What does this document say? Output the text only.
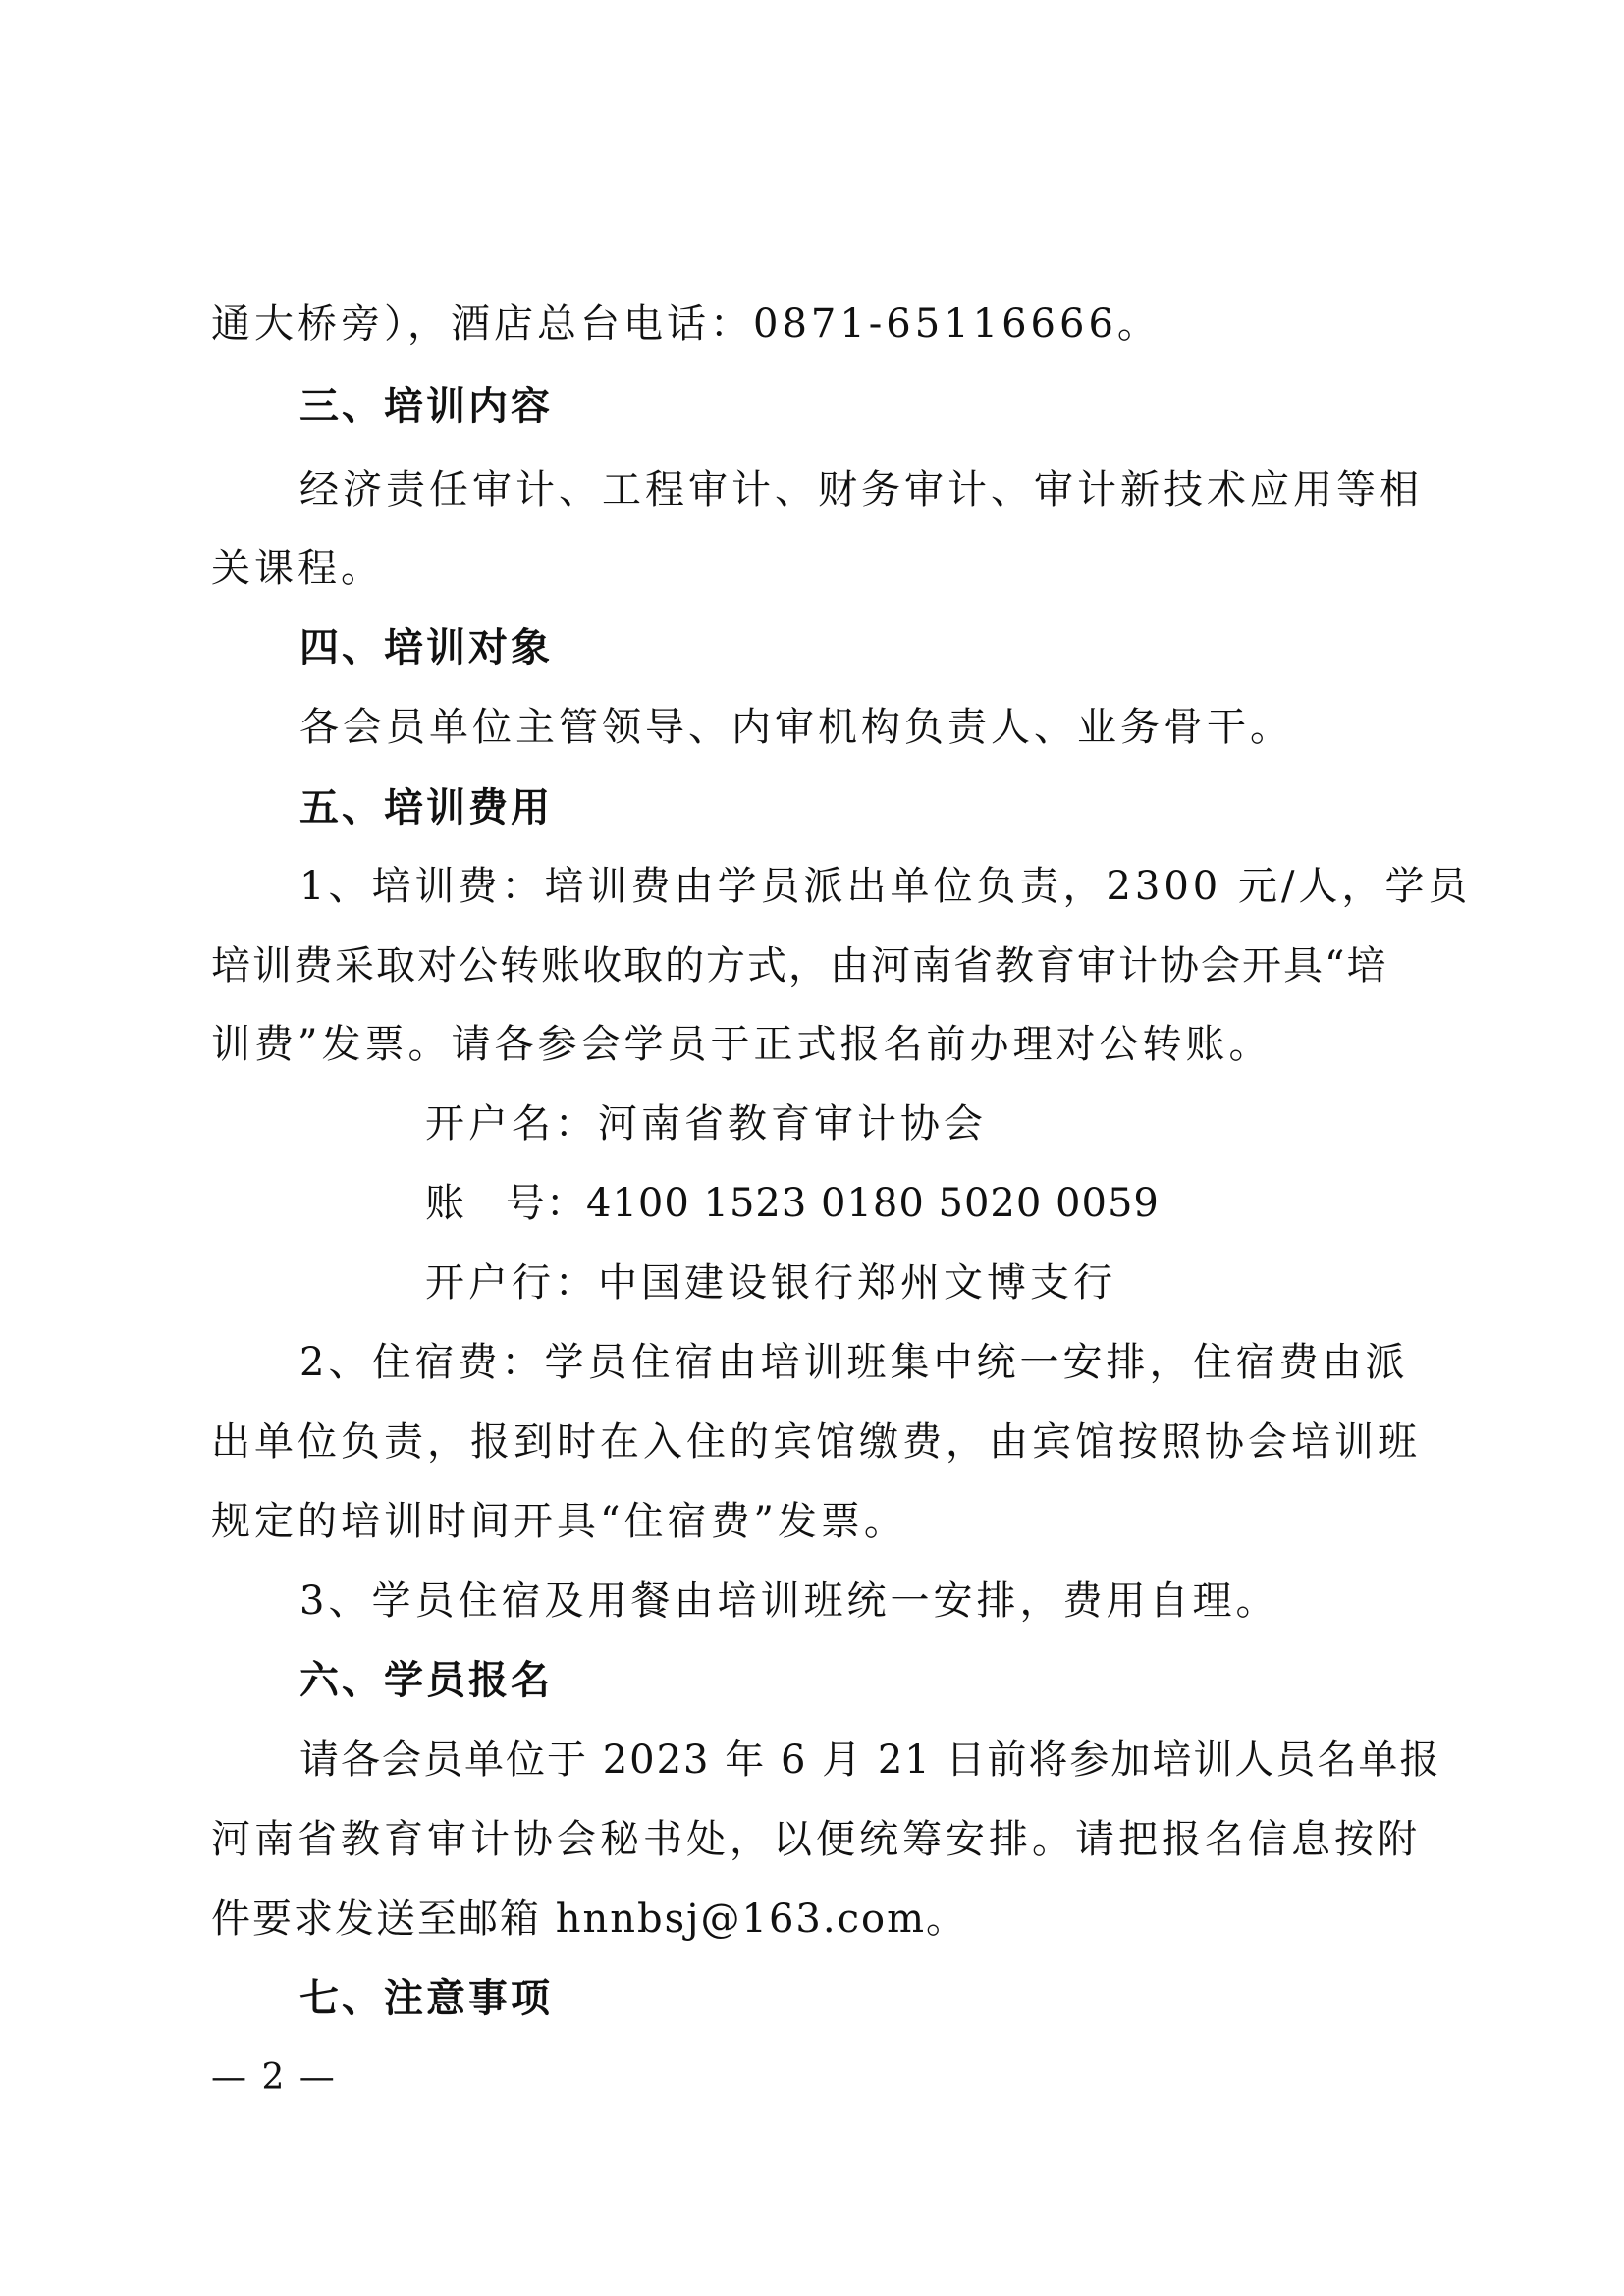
通大桥旁），酒店总台电话：0871-65116666。

三、培训内容

经济责任审计、工程审计、财务审计、审计新技术应用等相

关课程。

四、培训对象

各会员单位主管领导、内审机构负责人、业务骨干。

五、培训费用

1、培训费：培训费由学员派出单位负责，2300 元/人，学员

培训费采取对公转账收取的方式，由河南省教育审计协会开具“培

训费”发票。请各参会学员于正式报名前办理对公转账。

开户名：河南省教育审计协会

账　号：4100 1523 0180 5020 0059

开户行：中国建设银行郑州文博支行

2、住宿费：学员住宿由培训班集中统一安排，住宿费由派

出单位负责，报到时在入住的宾馆缴费，由宾馆按照协会培训班

规定的培训时间开具“住宿费”发票。

3、学员住宿及用餐由培训班统一安排，费用自理。

六、学员报名

请各会员单位于 2023 年 6 月 21 日前将参加培训人员名单报

河南省教育审计协会秘书处，以便统筹安排。请把报名信息按附

件要求发送至邮箱 hnnbsj@163.com。

七、注意事项

— 2 —
